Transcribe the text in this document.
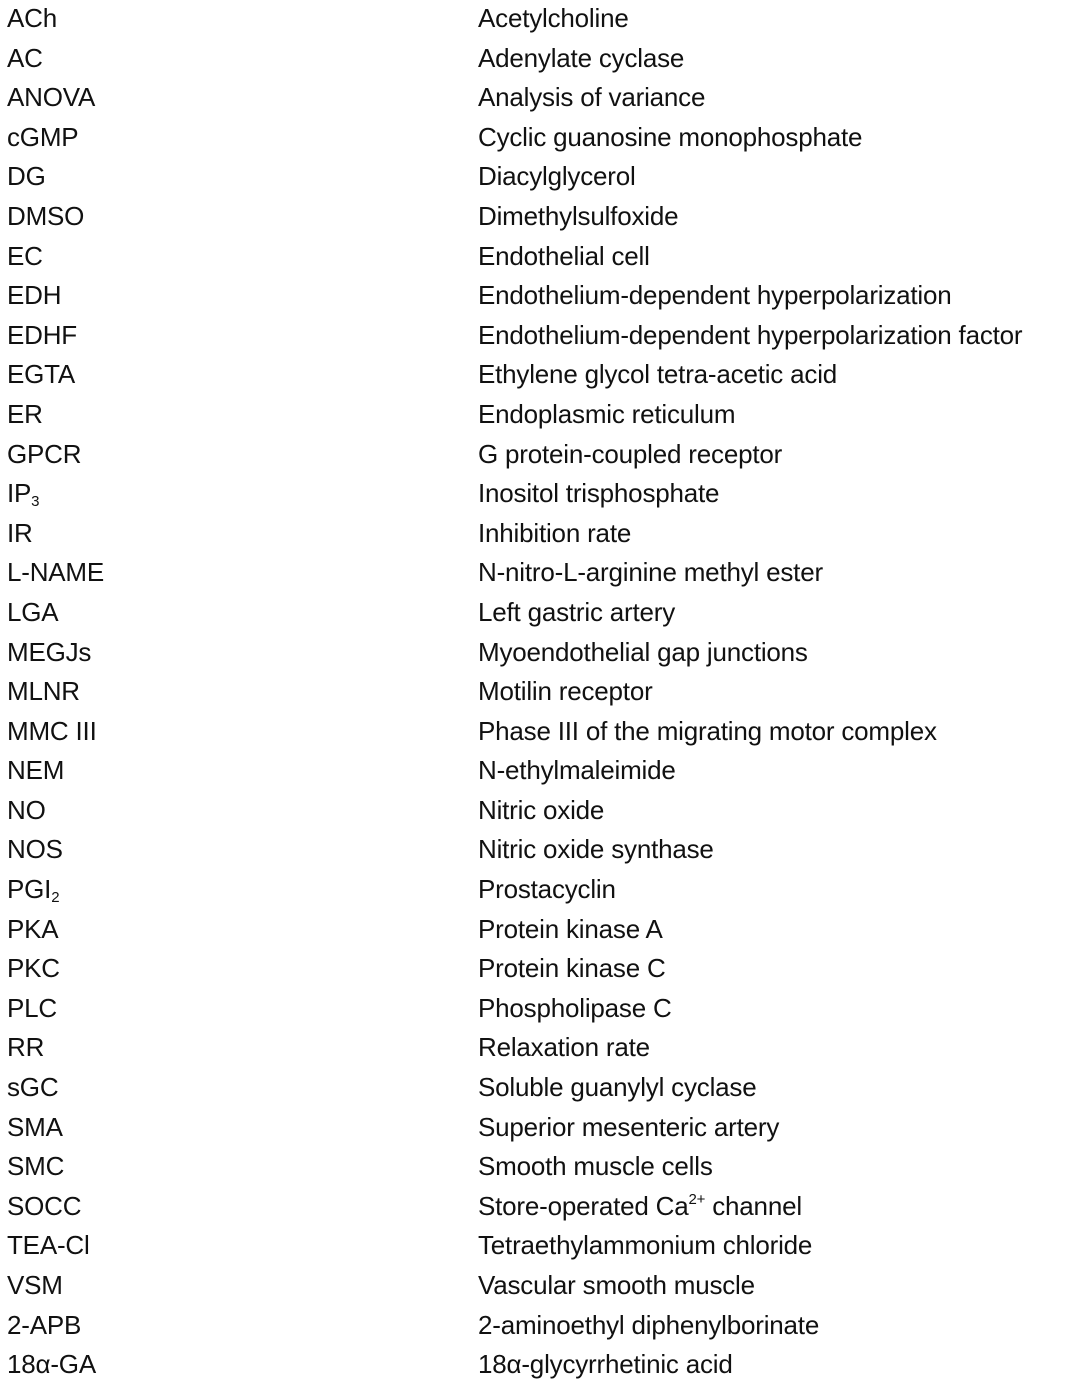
ACh	Acetylcholine
AC	Adenylate cyclase
ANOVA	Analysis of variance
cGMP	Cyclic guanosine monophosphate
DG	Diacylglycerol
DMSO	Dimethylsulfoxide
EC	Endothelial cell
EDH	Endothelium-dependent hyperpolarization
EDHF	Endothelium-dependent hyperpolarization factor
EGTA	Ethylene glycol tetra-acetic acid
ER	Endoplasmic reticulum
GPCR	G protein-coupled receptor
$IP_3$	Inositol trisphosphate
IR	Inhibition rate
L-NAME	N-nitro-L-arginine methyl ester
LGA	Left gastric artery
MEGJs	Myoendothelial gap junctions
MLNR	Motilin receptor
MMC III	Phase III of the migrating motor complex
NEM	N-ethylmaleimide
NO	Nitric oxide
NOS	Nitric oxide synthase
$PGI_2$	Prostacyclin
PKA	Protein kinase A
PKC	Protein kinase C
PLC	Phospholipase C
RR	Relaxation rate
sGC	Soluble guanylyl cyclase
SMA	Superior mesenteric artery
SMC	Smooth muscle cells
SOCC	Store-operated $Ca^{2+}$ channel
TEA-Cl	Tetraethylammonium chloride
VSM	Vascular smooth muscle
2-APB	2-aminoethyl diphenylborinate
18α-GA	18α-glycyrrhetinic acid
